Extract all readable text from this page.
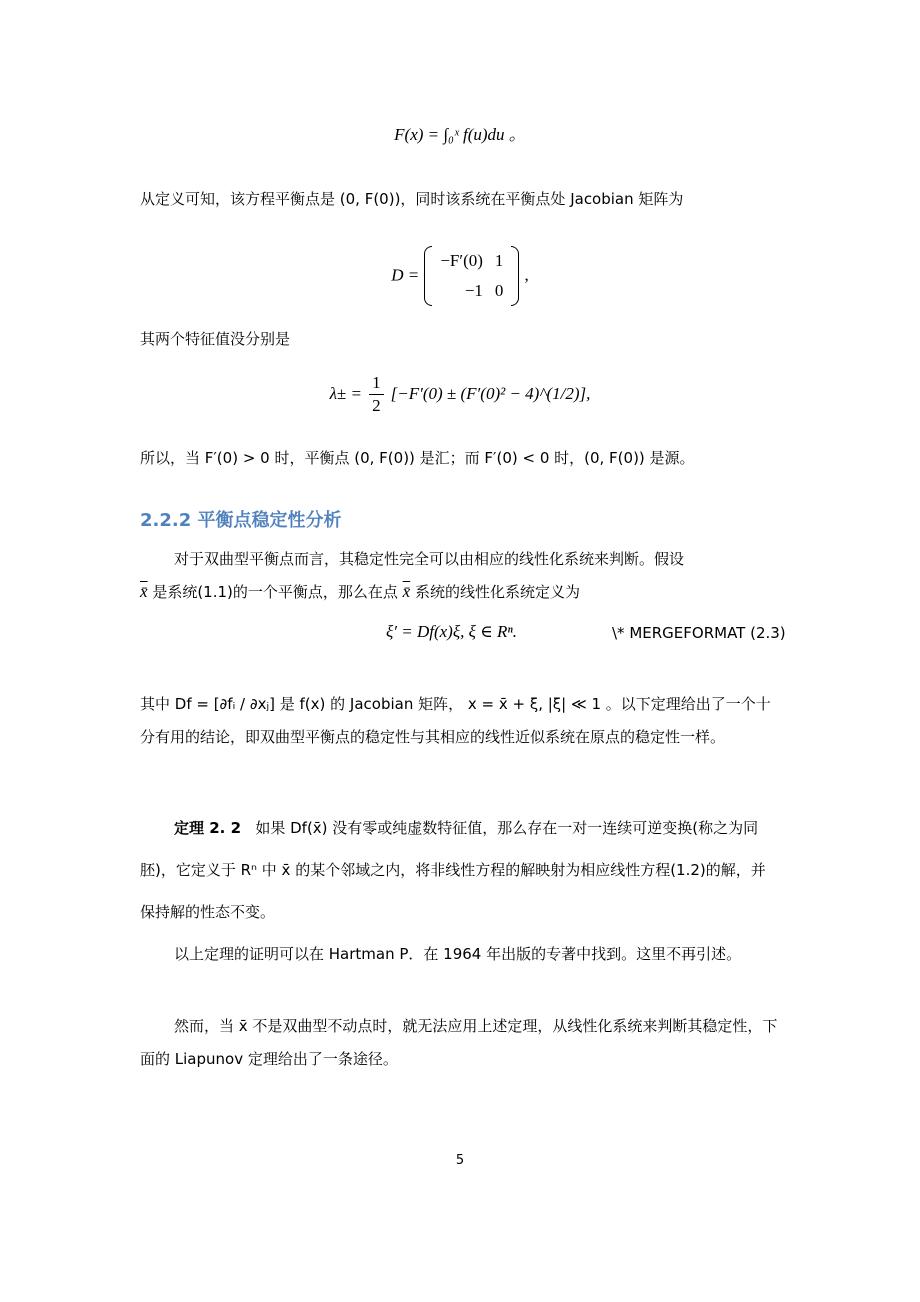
F(x) = ∫₀ˣ f(u)du 。
从定义可知，该方程平衡点是 (0, F(0))，同时该系统在平衡点处 Jacobian 矩阵为
D =
−F′(0)	1
−1	0
,
其两个特征值没分别是
$\lambda\pm = \frac{1}{2} [-F'(0) \pm (F'(0)^2$ − 4)^(1/2)],
所以，当 F′(0) > 0 时，平衡点 (0, F(0)) 是汇；而 F′(0) < 0 时，(0, F(0)) 是源。
2.2.2 平衡点稳定性分析
对于双曲型平衡点而言，其稳定性完全可以由相应的线性化系统来判断。假设
x̄ 是系统(1.1)的一个平衡点，那么在点 x̄ 系统的线性化系统定义为
ξ′ = Df(x)ξ, ξ ∈ Rⁿ.	\* MERGEFORMAT (2.3)
其中 Df = [∂fᵢ / ∂xⱼ] 是 f(x) 的 Jacobian 矩阵， x = x̄ + ξ, |ξ| ≪ 1 。以下定理给出了一个十分有用的结论，即双曲型平衡点的稳定性与其相应的线性近似系统在原点的稳定性一样。
定理 2. 2 如果 Df(x̄) 没有零或纯虚数特征值，那么存在一对一连续可逆变换(称之为同胚)，它定义于 Rⁿ 中 x̄ 的某个邻域之内，将非线性方程的解映射为相应线性方程(1.2)的解，并保持解的性态不变。
以上定理的证明可以在 Hartman P．在 1964 年出版的专著中找到。这里不再引述。
然而，当 x̄ 不是双曲型不动点时，就无法应用上述定理，从线性化系统来判断其稳定性，下面的 Liapunov 定理给出了一条途径。
5
